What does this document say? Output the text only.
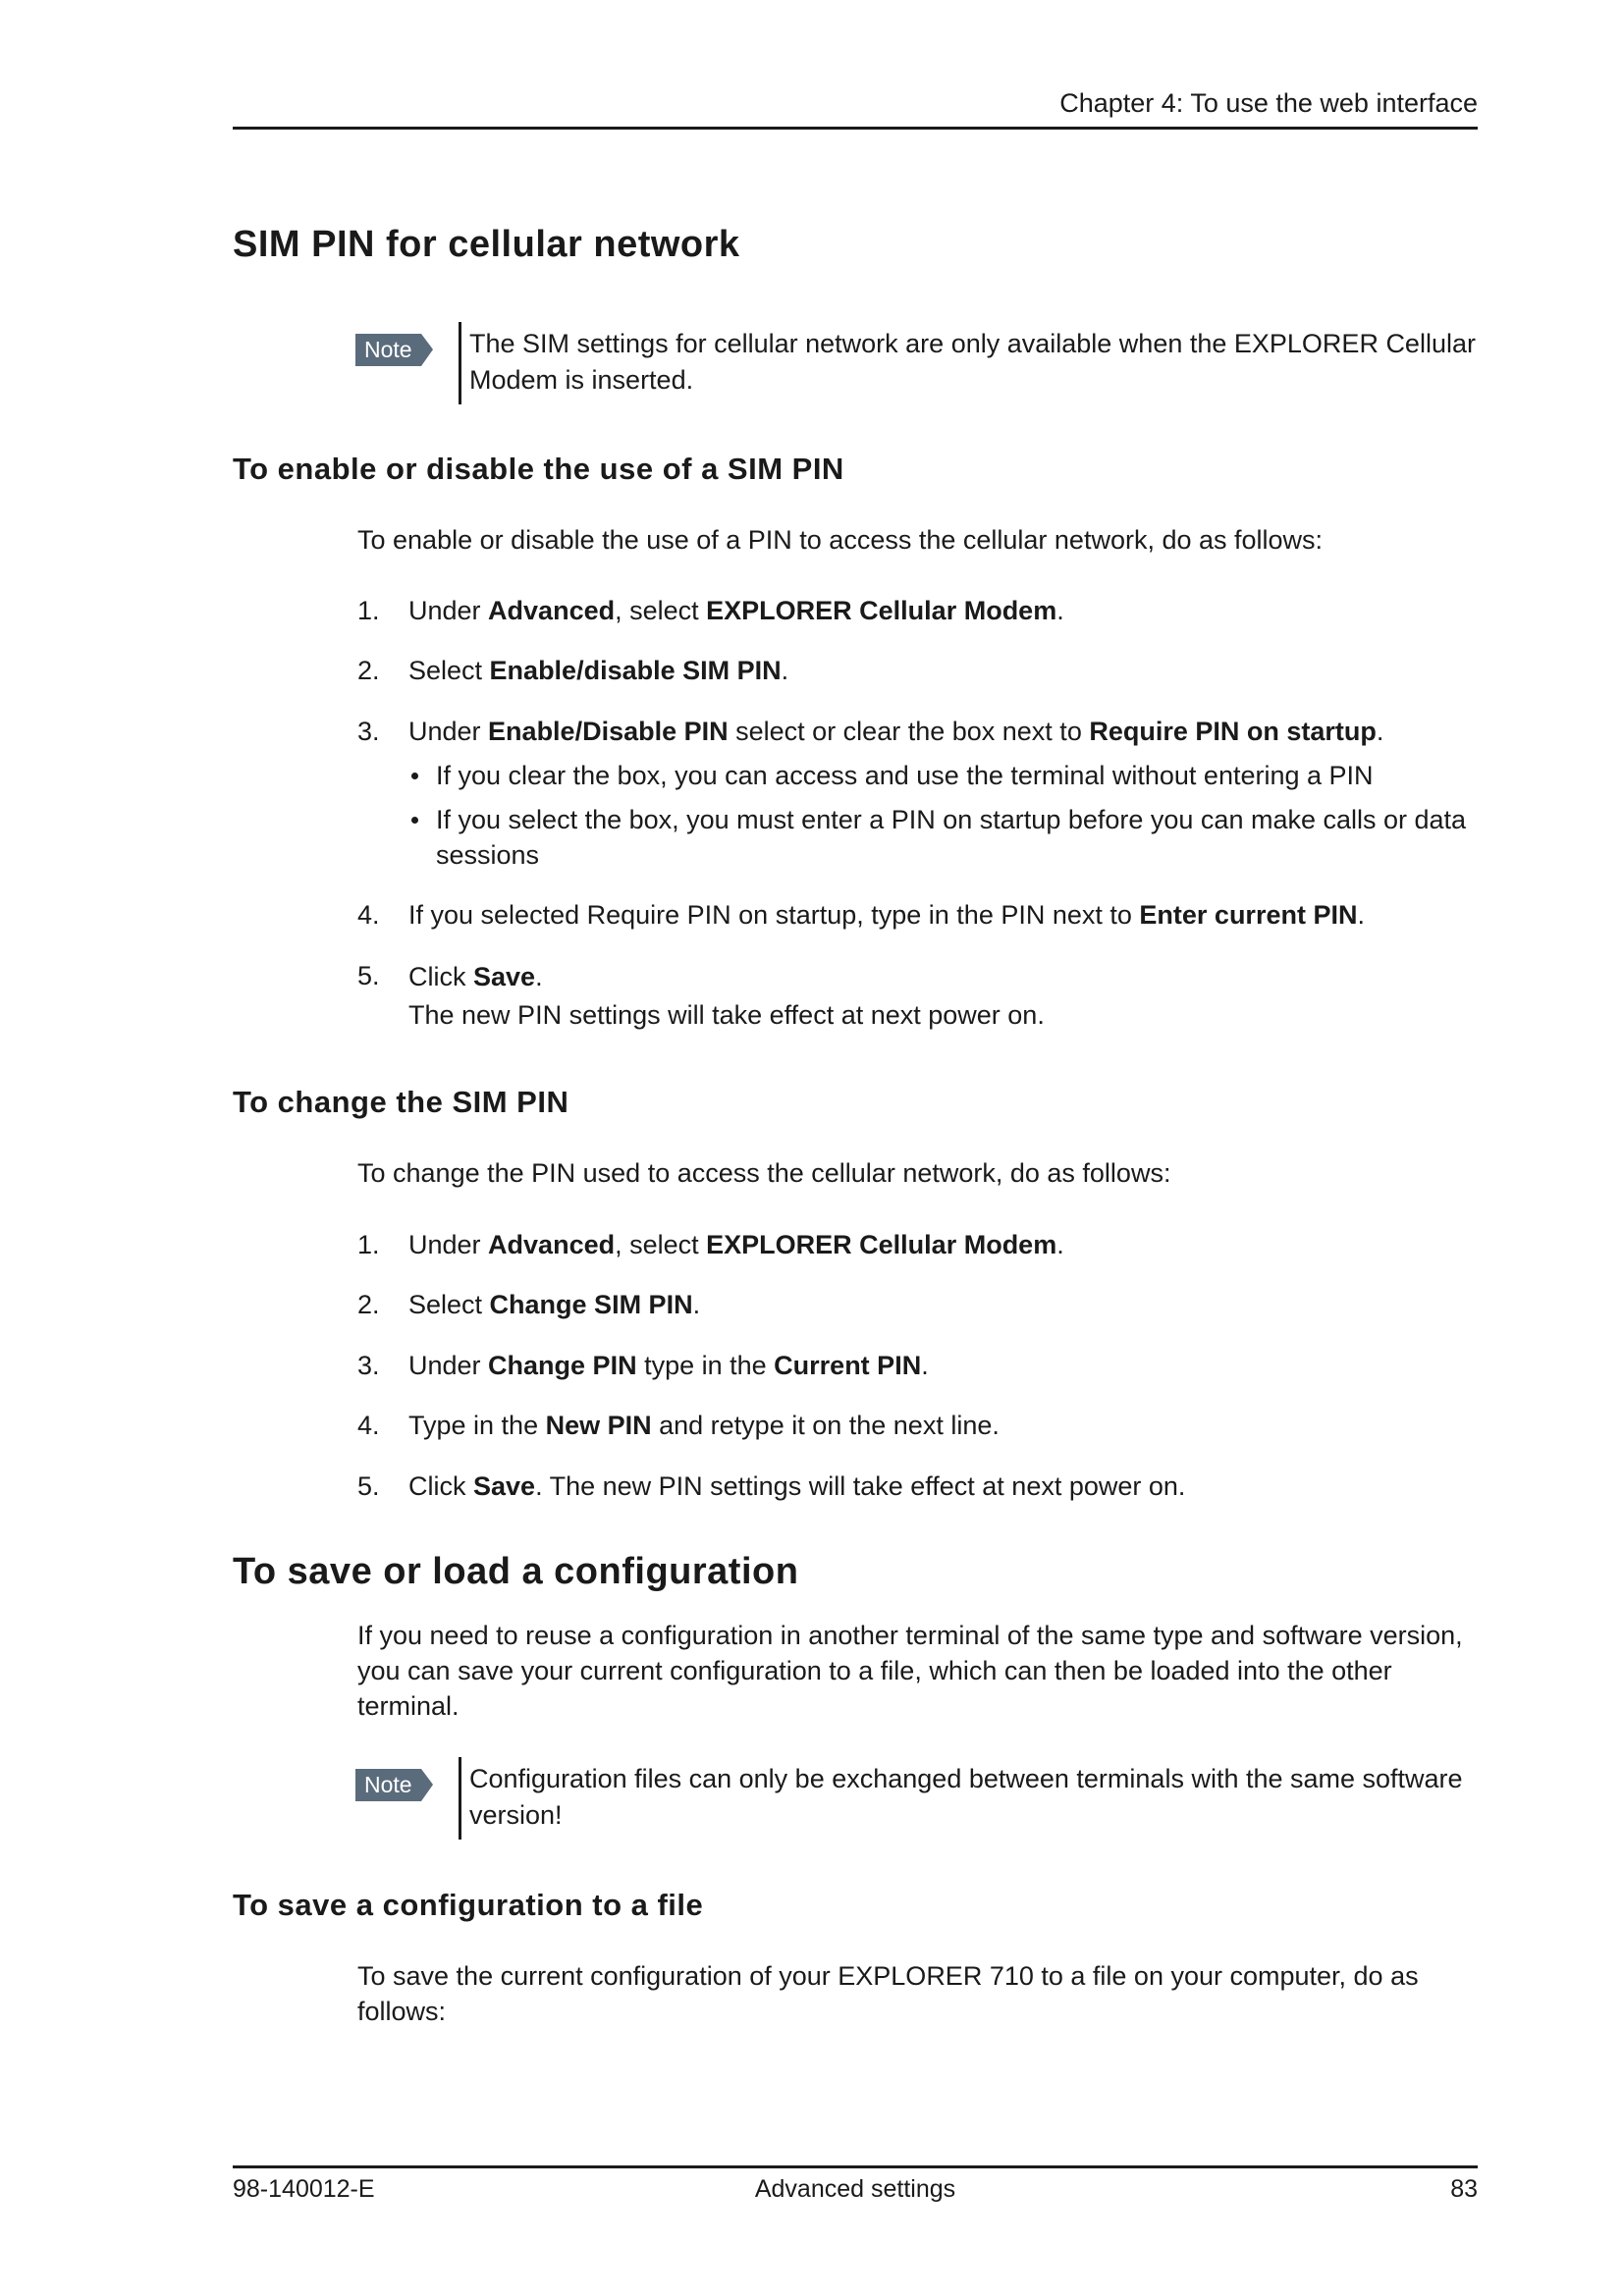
Chapter 4: To use the web interface
SIM PIN for cellular network
Note	The SIM settings for cellular network are only available when the EXPLORER Cellular Modem is inserted.

To enable or disable the use of a SIM PIN

To enable or disable the use of a PIN to access the cellular network, do as follows:

1. Under Advanced, select EXPLORER Cellular Modem.
2. Select Enable/disable SIM PIN.
3. Under Enable/Disable PIN select or clear the box next to Require PIN on startup.
If you clear the box, you can access and use the terminal without entering a PIN
If you select the box, you must enter a PIN on startup before you can make calls or data sessions
4. If you selected Require PIN on startup, type in the PIN next to Enter current PIN.
5. Click Save.
The new PIN settings will take effect at next power on.
To change the SIM PIN

To change the PIN used to access the cellular network, do as follows:

1. Under Advanced, select EXPLORER Cellular Modem.
2. Select Change SIM PIN.
3. Under Change PIN type in the Current PIN.
4. Type in the New PIN and retype it on the next line.
5. Click Save. The new PIN settings will take effect at next power on.
To save or load a configuration

If you need to reuse a configuration in another terminal of the same type and software version, you can save your current configuration to a file, which can then be loaded into the other terminal.

Note	Configuration files can only be exchanged between terminals with the same software version!

To save a configuration to a file

To save the current configuration of your EXPLORER 710 to a file on your computer, do as follows:

98-140012-E	Advanced settings	83
